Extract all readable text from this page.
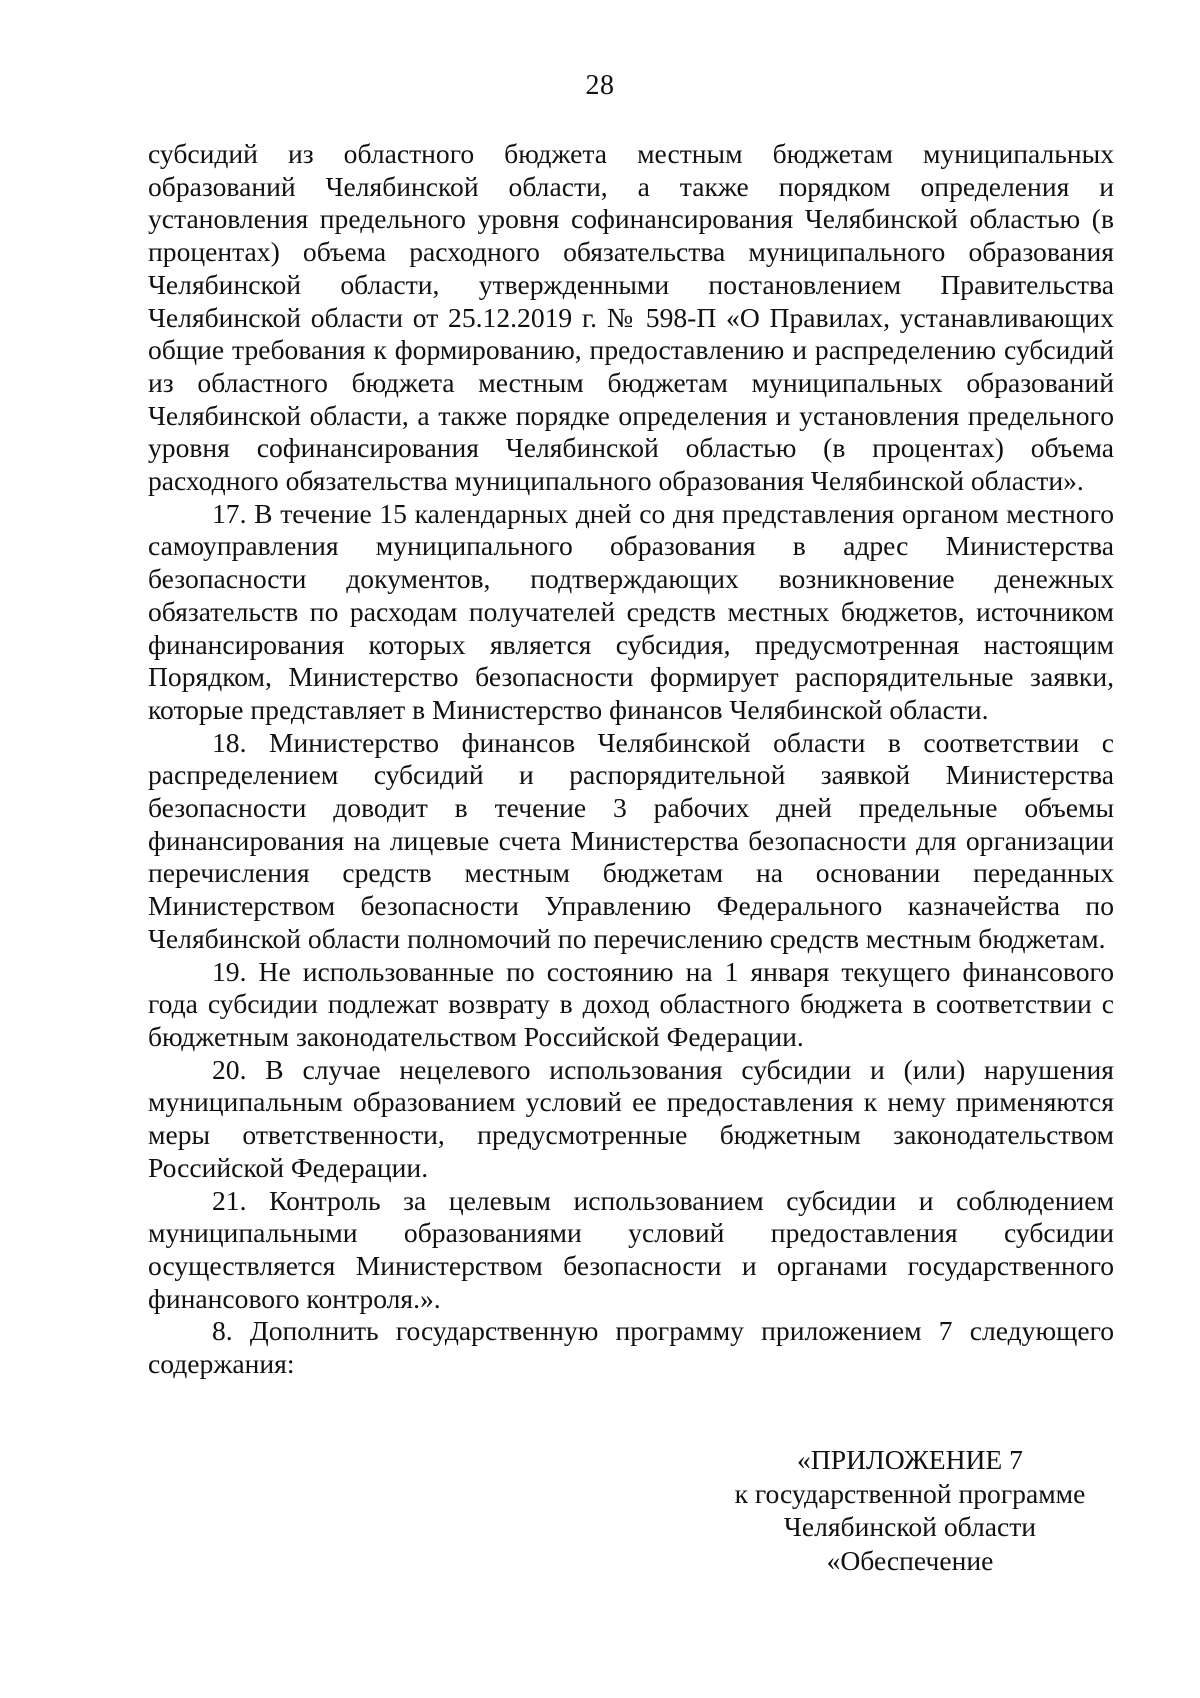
28

субсидий из областного бюджета местным бюджетам муниципальных образований Челябинской области, а также порядком определения и установления предельного уровня софинансирования Челябинской областью (в процентах) объема расходного обязательства муниципального образования Челябинской области, утвержденными постановлением Правительства Челябинской области от 25.12.2019 г. № 598-П «О Правилах, устанавливающих общие требования к формированию, предоставлению и распределению субсидий из областного бюджета местным бюджетам муниципальных образований Челябинской области, а также порядке определения и установления предельного уровня софинансирования Челябинской областью (в процентах) объема расходного обязательства муниципального образования Челябинской области».

17. В течение 15 календарных дней со дня представления органом местного самоуправления муниципального образования в адрес Министерства безопасности документов, подтверждающих возникновение денежных обязательств по расходам получателей средств местных бюджетов, источником финансирования которых является субсидия, предусмотренная настоящим Порядком, Министерство безопасности формирует распорядительные заявки, которые представляет в Министерство финансов Челябинской области.

18. Министерство финансов Челябинской области в соответствии с распределением субсидий и распорядительной заявкой Министерства безопасности доводит в течение 3 рабочих дней предельные объемы финансирования на лицевые счета Министерства безопасности для организации перечисления средств местным бюджетам на основании переданных Министерством безопасности Управлению Федерального казначейства по Челябинской области полномочий по перечислению средств местным бюджетам.

19. Не использованные по состоянию на 1 января текущего финансового года субсидии подлежат возврату в доход областного бюджета в соответствии с бюджетным законодательством Российской Федерации.

20. В случае нецелевого использования субсидии и (или) нарушения муниципальным образованием условий ее предоставления к нему применяются меры ответственности, предусмотренные бюджетным законодательством Российской Федерации.

21. Контроль за целевым использованием субсидии и соблюдением муниципальными образованиями условий предоставления субсидии осуществляется Министерством безопасности и органами государственного финансового контроля.».

8. Дополнить государственную программу приложением 7 следующего содержания:

«ПРИЛОЖЕНИЕ 7
к государственной программе
Челябинской области
«Обеспечение
